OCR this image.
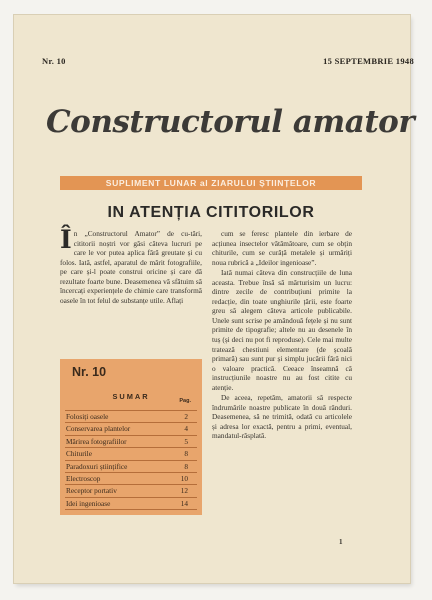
Nr. 10	15 SEPTEMBRIE 1948
Constructorul amator
SUPLIMENT LUNAR al ZIARULUI ȘTIINȚELOR
IN ATENȚIA CITITORILOR

În „Constructorul Amator” de cu-tări, cititorii noștri vor găsi câteva lucruri pe care le vor putea aplica fără greutate și cu folos. Iată, astfel, aparatul de mărit fotografiile, pe care și-l poate construi oricine și care dă rezultate foarte bune. Deasemenea vă sfătuim să încercați experiențele de chimie care transformă oasele în tot felul de substanțe utile. Aflați

cum se feresc plantele din ierbare de acțiunea insectelor vătămătoare, cum se obțin chiturile, cum se curăță metalele și urmăriți noua rubrică a „Ideilor ingenioase”.

Iată numai câteva din construcțiile de luna aceasta. Trebue însă să mărturisim un lucru: dintre zecile de contribuțiuni primite la redacție, din toate unghiurile țării, este foarte greu să alegem câteva articole publicabile. Unele sunt scrise pe amândouă fețele și nu sunt primite de tipografie; altele nu au desenele în tuș (și deci nu pot fi reproduse). Cele mai multe tratează chestiuni elementare (de școală primară) sau sunt pur și simplu jucării fără nici o valoare practică. Ceeace înseamnă că instrucțiunile noastre nu au fost citite cu atenție.

De aceea, repetăm, amatorii să respecte îndrumările noastre publicate în două rânduri. Deasemenea, să ne trimită, odată cu articolele și adresa lor exactă, pentru a primi, eventual, mandatul-răsplată.

Nr. 10
SUMAR	Pag.
Folosiți oasele	2
Conservarea plantelor	4
Mărirea fotografiilor	5
Chiturile	8
Paradoxuri științifice	8
Electroscop	10
Receptor portativ	12
Idei ingenioase	14
1
